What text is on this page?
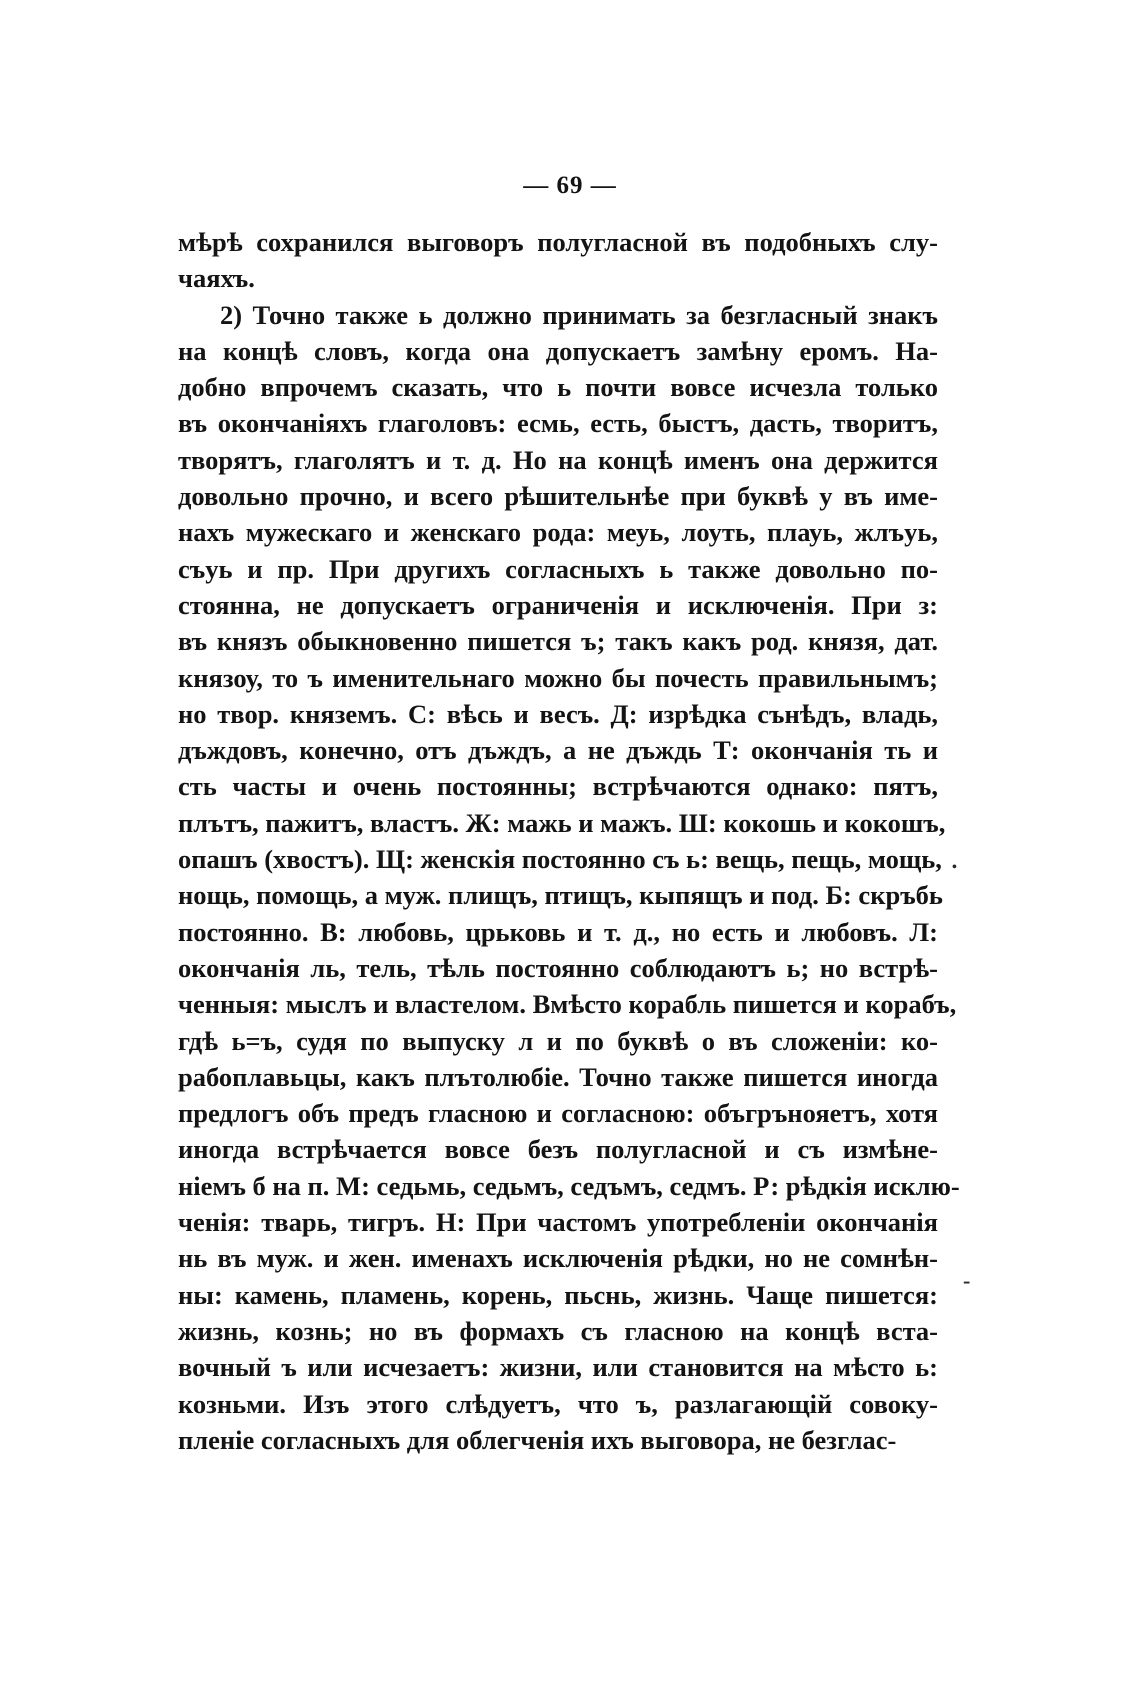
— 69 —
мѣрѣ сохранился выговоръ полугласной въ подобныхъ слу-
чаяхъ.
2) Точно также ь должно принимать за безгласный знакъ
на концѣ словъ, когда она допускаетъ замѣну еромъ. На-
добно впрочемъ сказать, что ь почти вовсе исчезла только
въ окончаніяхъ глаголовъ: есмь, есть, быстъ, дасть, творитъ,
творятъ, глаголятъ и т. д. Но на концѣ именъ она держится
довольно прочно, и всего рѣшительнѣе при буквѣ у въ име-
нахъ мужескаго и женскаго рода: меуь, лоуть, плауь, жлъуь,
съуь и пр. При другихъ согласныхъ ь также довольно по-
стоянна, не допускаетъ ограниченія и исключенія. При з:
въ князъ обыкновенно пишется ъ; такъ какъ род. князя, дат.
князоу, то ъ именительнаго можно бы почесть правильнымъ;
но твор. княземъ. С: вѣсь и весъ. Д: изрѣдка сънѣдъ, владь,
дъждовъ, конечно, отъ дъждъ, а не дъждь Т: окончанія ть и
сть часты и очень постоянны; встрѣчаются однако: пятъ,
плътъ, пажитъ, властъ. Ж: мажь и мажъ. Ш: кокошь и кокошъ,
опашъ (хвостъ). Щ: женскія постоянно съ ь: вещь, пещь, мощь,
нощь, помощь, а муж. плищъ, птищъ, кыпящъ и под. Б: скръбь
постоянно. В: любовь, црьковь и т. д., но есть и любовъ. Л:
окончанія ль, тель, тѣль постоянно соблюдаютъ ь; но встрѣ-
ченныя: мыслъ и властелом. Вмѣсто корабль пишется и корабъ,
гдѣ ь=ъ, судя по выпуску л и по буквѣ о въ сложеніи: ко-
рабоплавьцы, какъ плътолюбіе. Точно также пишется иногда
предлогъ объ предъ гласною и согласною: объгрънояетъ, хотя
иногда встрѣчается вовсе безъ полугласной и съ измѣне-
ніемъ б на п. М: седьмь, седьмъ, седъмъ, седмъ. Р: рѣдкія исклю-
ченія: тварь, тигръ. Н: При частомъ употребленіи окончанія
нь въ муж. и жен. именахъ исключенія рѣдки, но не сомнѣн-
ны: камень, пламень, корень, пьснь, жизнь. Чаще пишется:
жизнь, кознь; но въ формахъ съ гласною на концѣ вста-
вочный ъ или исчезаетъ: жизни, или становится на мѣсто ь:
козньми. Изъ этого слѣдуетъ, что ъ, разлагающій совоку-
пленіе согласныхъ для облегченія ихъ выговора, не безглас-
-
•
